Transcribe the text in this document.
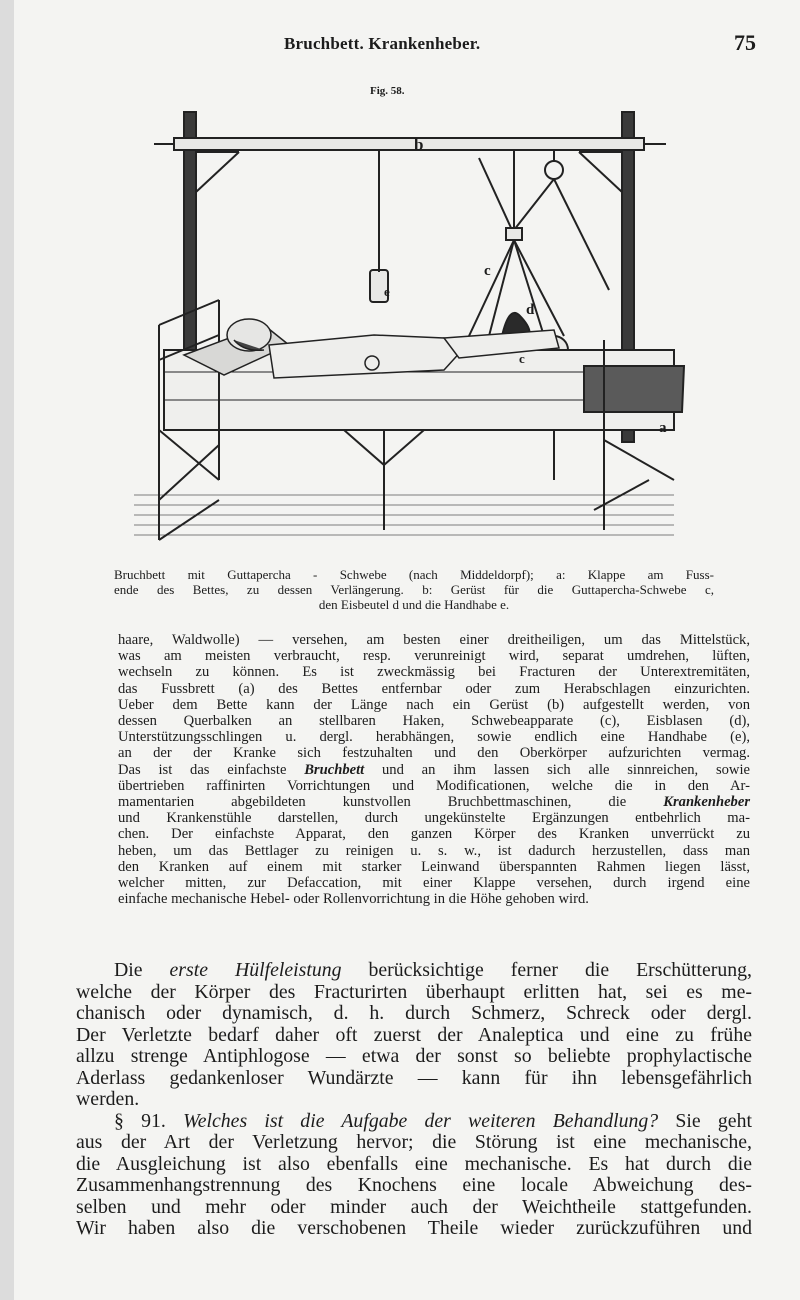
Bruchbett. Krankenheber.	75
Fig. 58.
b
e
c
d
c
a
Bruchbett mit Guttapercha - Schwebe (nach Middeldorpf); a: Klappe am Fuss-
ende des Bettes, zu dessen Verlängerung. b: Gerüst für die Guttapercha-Schwebe c,
den Eisbeutel d und die Handhabe e.
haare, Waldwolle) — versehen, am besten einer dreitheiligen, um das Mittelstück,
was am meisten verbraucht, resp. verunreinigt wird, separat umdrehen, lüften,
wechseln zu können. Es ist zweckmässig bei Fracturen der Unterextremitäten,
das Fussbrett (a) des Bettes entfernbar oder zum Herabschlagen einzurichten.
Ueber dem Bette kann der Länge nach ein Gerüst (b) aufgestellt werden, von
dessen Querbalken an stellbaren Haken, Schwebeapparate (c), Eisblasen (d),
Unterstützungsschlingen u. dergl. herabhängen, sowie endlich eine Handhabe (e),
an der der Kranke sich festzuhalten und den Oberkörper aufzurichten vermag.
Das ist das einfachste Bruchbett und an ihm lassen sich alle sinnreichen, sowie
übertrieben raffinirten Vorrichtungen und Modificationen, welche die in den Ar-
mamentarien abgebildeten kunstvollen Bruchbettmaschinen, die Krankenheber
und Krankenstühle darstellen, durch ungekünstelte Ergänzungen entbehrlich ma-
chen. Der einfachste Apparat, den ganzen Körper des Kranken unverrückt zu
heben, um das Bettlager zu reinigen u. s. w., ist dadurch herzustellen, dass man
den Kranken auf einem mit starker Leinwand überspannten Rahmen liegen lässt,
welcher mitten, zur Defaccation, mit einer Klappe versehen, durch irgend eine
einfache mechanische Hebel- oder Rollenvorrichtung in die Höhe gehoben wird.
Die erste Hülfeleistung berücksichtige ferner die Erschütterung,
welche der Körper des Fracturirten überhaupt erlitten hat, sei es me-
chanisch oder dynamisch, d. h. durch Schmerz, Schreck oder dergl.
Der Verletzte bedarf daher oft zuerst der Analeptica und eine zu frühe
allzu strenge Antiphlogose — etwa der sonst so beliebte prophylactische
Aderlass gedankenloser Wundärzte — kann für ihn lebensgefährlich
werden.
§ 91. Welches ist die Aufgabe der weiteren Behandlung? Sie geht
aus der Art der Verletzung hervor; die Störung ist eine mechanische,
die Ausgleichung ist also ebenfalls eine mechanische. Es hat durch die
Zusammenhangstrennung des Knochens eine locale Abweichung des-
selben und mehr oder minder auch der Weichtheile stattgefunden.
Wir haben also die verschobenen Theile wieder zurückzuführen und
